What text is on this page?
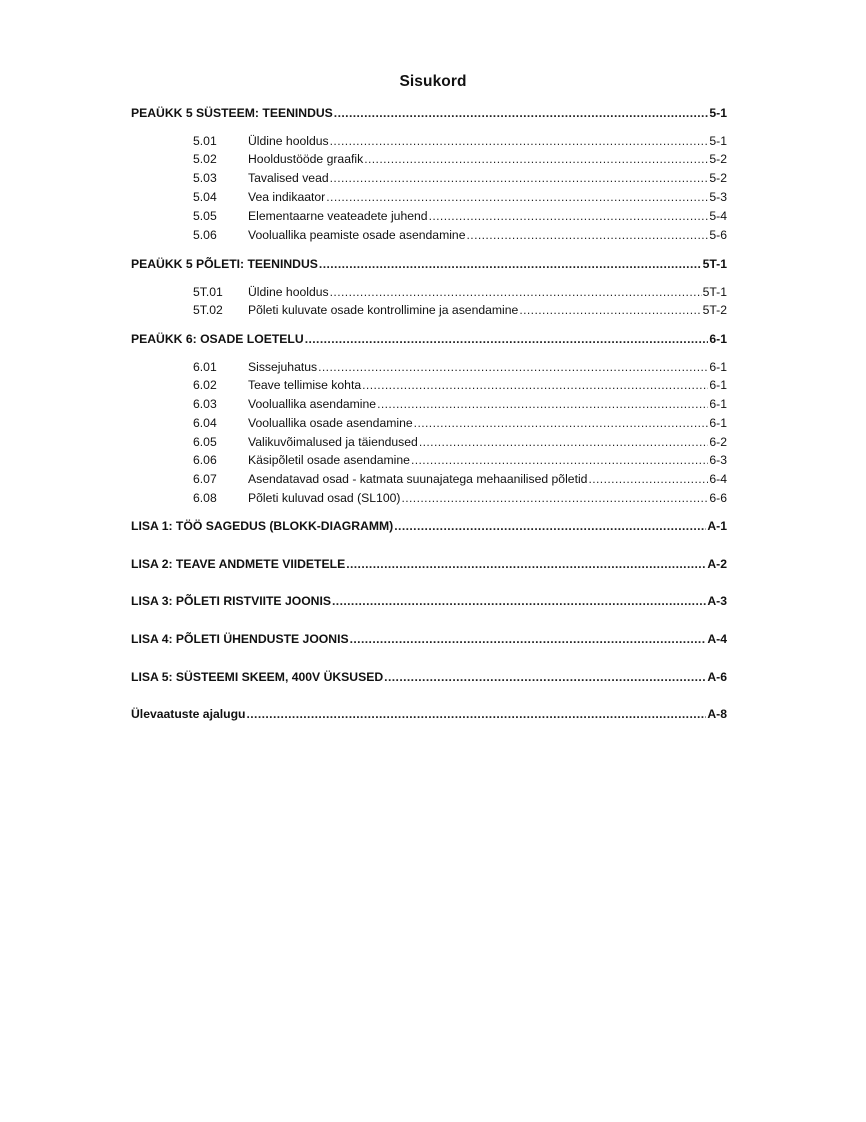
Sisukord
PEAÜKK 5 SÜSTEEM: TEENINDUS .....	5-1
5.01	Üldine hooldus .....	5-1
5.02	Hooldustööde graafik .....	5-2
5.03	Tavalised vead .....	5-2
5.04	Vea indikaator .....	5-3
5.05	Elementaarne veateadete juhend .....	5-4
5.06	Vooluallika peamiste osade asendamine .....	5-6
PEAÜKK 5 PÕLETI: TEENINDUS .....	5T-1
5T.01	Üldine hooldus .....	5T-1
5T.02	Põleti kuluvate osade kontrollimine ja asendamine .....	5T-2
PEAÜKK 6: OSADE LOETELU .....	6-1
6.01	Sissejuhatus .....	6-1
6.02	Teave tellimise kohta .....	6-1
6.03	Vooluallika asendamine .....	6-1
6.04	Vooluallika osade asendamine .....	6-1
6.05	Valikuvõimalused ja täiendused .....	6-2
6.06	Käsipõletil osade asendamine .....	6-3
6.07	Asendatavad osad - katmata suunajatega mehaanilised põletid .....	6-4
6.08	Põleti kuluvad osad (SL100) .....	6-6
LISA 1: TÖÖ SAGEDUS (BLOKK-DIAGRAMM) .....	A-1
LISA 2: TEAVE ANDMETE VIIDETELE .....	A-2
LISA 3: PÕLETI RISTVIITE JOONIS .....	A-3
LISA 4: PÕLETI ÜHENDUSTE JOONIS .....	A-4
LISA 5: SÜSTEEMI SKEEM, 400V ÜKSUSED .....	A-6
Ülevaatuste ajalugu .....	A-8
